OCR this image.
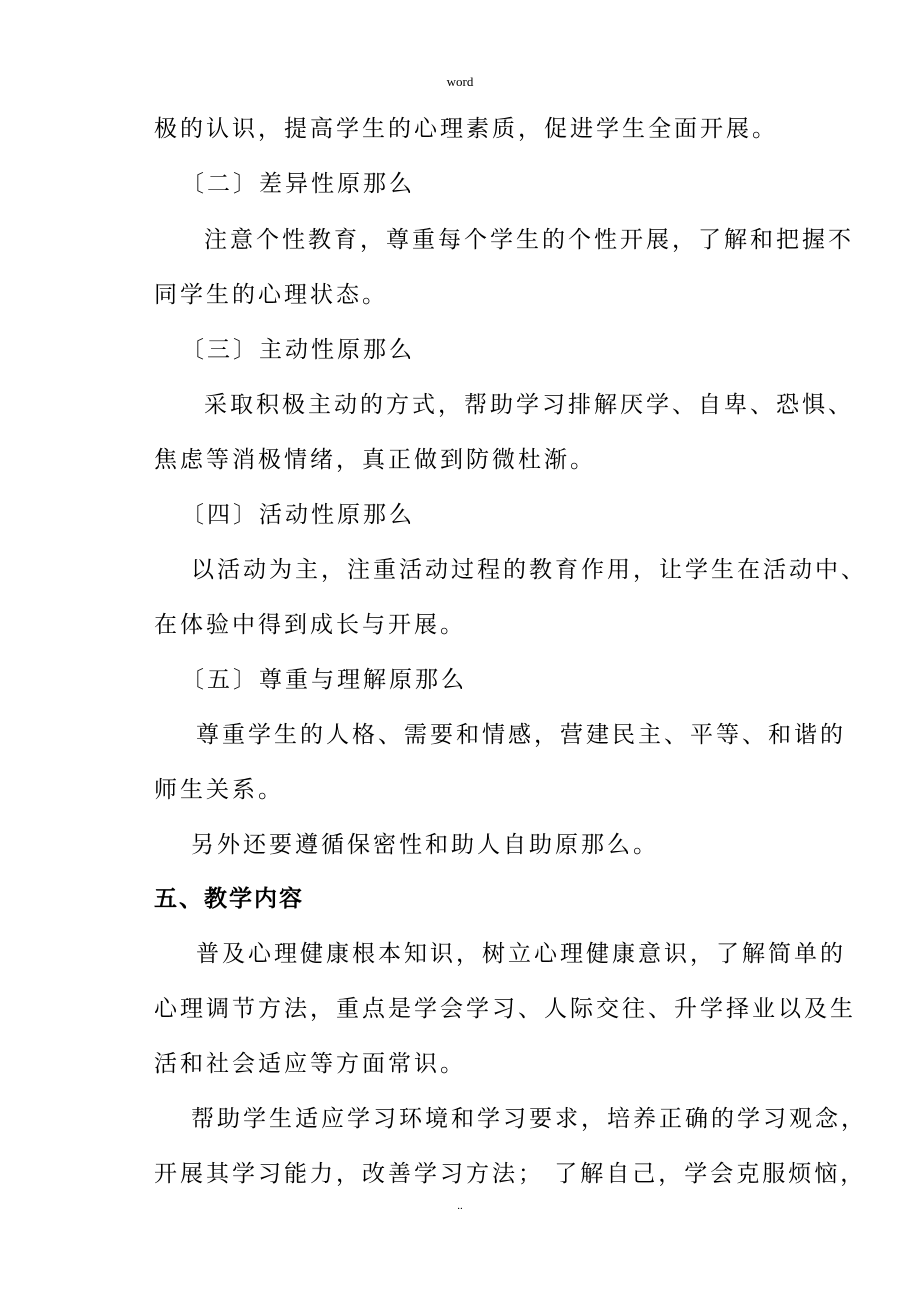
word
极的认识，提高学生的心理素质，促进学生全面开展。
〔二〕差异性原那么
注意个性教育，尊重每个学生的个性开展，了解和把握不
同学生的心理状态。
〔三〕主动性原那么
采取积极主动的方式，帮助学习排解厌学、自卑、恐惧、
焦虑等消极情绪，真正做到防微杜渐。
〔四〕活动性原那么
以活动为主，注重活动过程的教育作用，让学生在活动中、
在体验中得到成长与开展。
〔五〕尊重与理解原那么
尊重学生的人格、需要和情感，营建民主、平等、和谐的
师生关系。
另外还要遵循保密性和助人自助原那么。
五、教学内容
普及心理健康根本知识，树立心理健康意识，了解简单的
心理调节方法，重点是学会学习、人际交往、升学择业以及生
活和社会适应等方面常识。
帮助学生适应学习环境和学习要求，培养正确的学习观念，
开展其学习能力，改善学习方法； 了解自己，学会克服烦恼，
..
